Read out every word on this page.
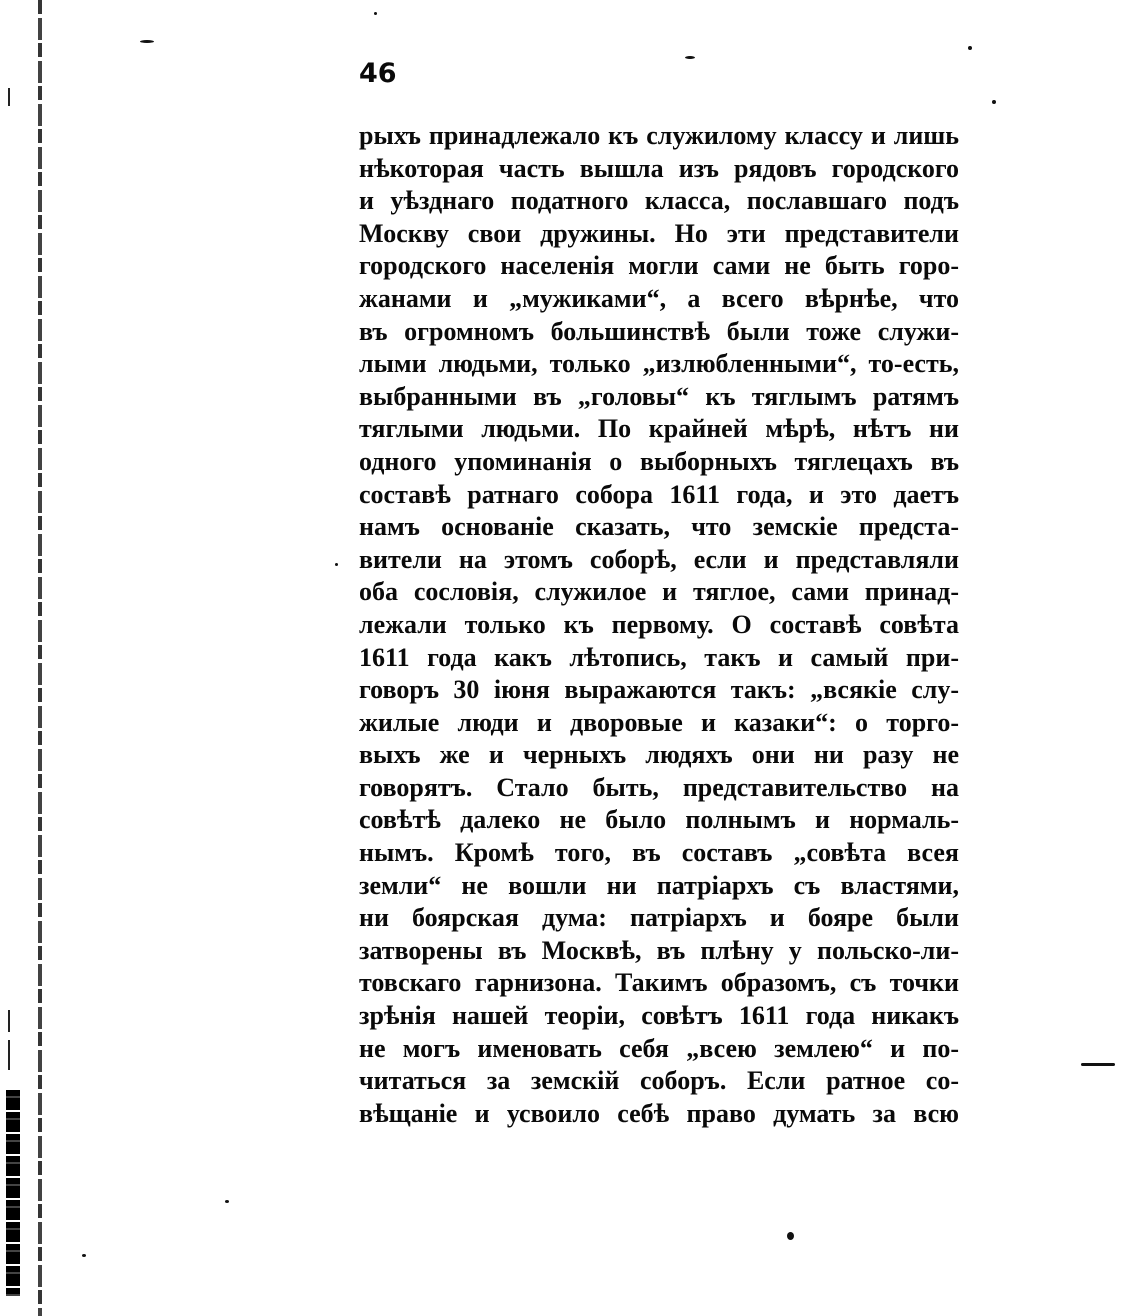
46
рыхъ принадлежало къ служилому классу и лишь
нѣкоторая часть вышла изъ рядовъ городского
и уѣзднаго податного класса, пославшаго подъ
Москву свои дружины. Но эти представители
городского населенія могли сами не быть горо-
жанами и „мужиками“, а всего вѣрнѣе, что
въ огромномъ большинствѣ были тоже служи-
лыми людьми, только „излюбленными“, то-есть,
выбранными въ „головы“ къ тяглымъ ратямъ
тяглыми людьми. По крайней мѣрѣ, нѣтъ ни
одного упоминанія о выборныхъ тяглецахъ въ
составѣ ратнаго собора 1611 года, и это даетъ
намъ основаніе сказать, что земскіе предста-
вители на этомъ соборѣ, если и представляли
оба сословія, служилое и тяглое, сами принад-
лежали только къ первому. О составѣ совѣта
1611 года какъ лѣтопись, такъ и самый при-
говоръ 30 іюня выражаются такъ: „всякіе слу-
жилые люди и дворовые и казаки“: о торго-
выхъ же и черныхъ людяхъ они ни разу не
говорятъ. Стало быть, представительство на
совѣтѣ далеко не было полнымъ и нормаль-
нымъ. Кромѣ того, въ составъ „совѣта всея
земли“ не вошли ни патріархъ съ властями,
ни боярская дума: патріархъ и бояре были
затворены въ Москвѣ, въ плѣну у польско-ли-
товскаго гарнизона. Такимъ образомъ, съ точки
зрѣнія нашей теоріи, совѣтъ 1611 года никакъ
не могъ именовать себя „всею землею“ и по-
читаться за земскій соборъ. Если ратное со-
вѣщаніе и усвоило себѣ право думать за всю
